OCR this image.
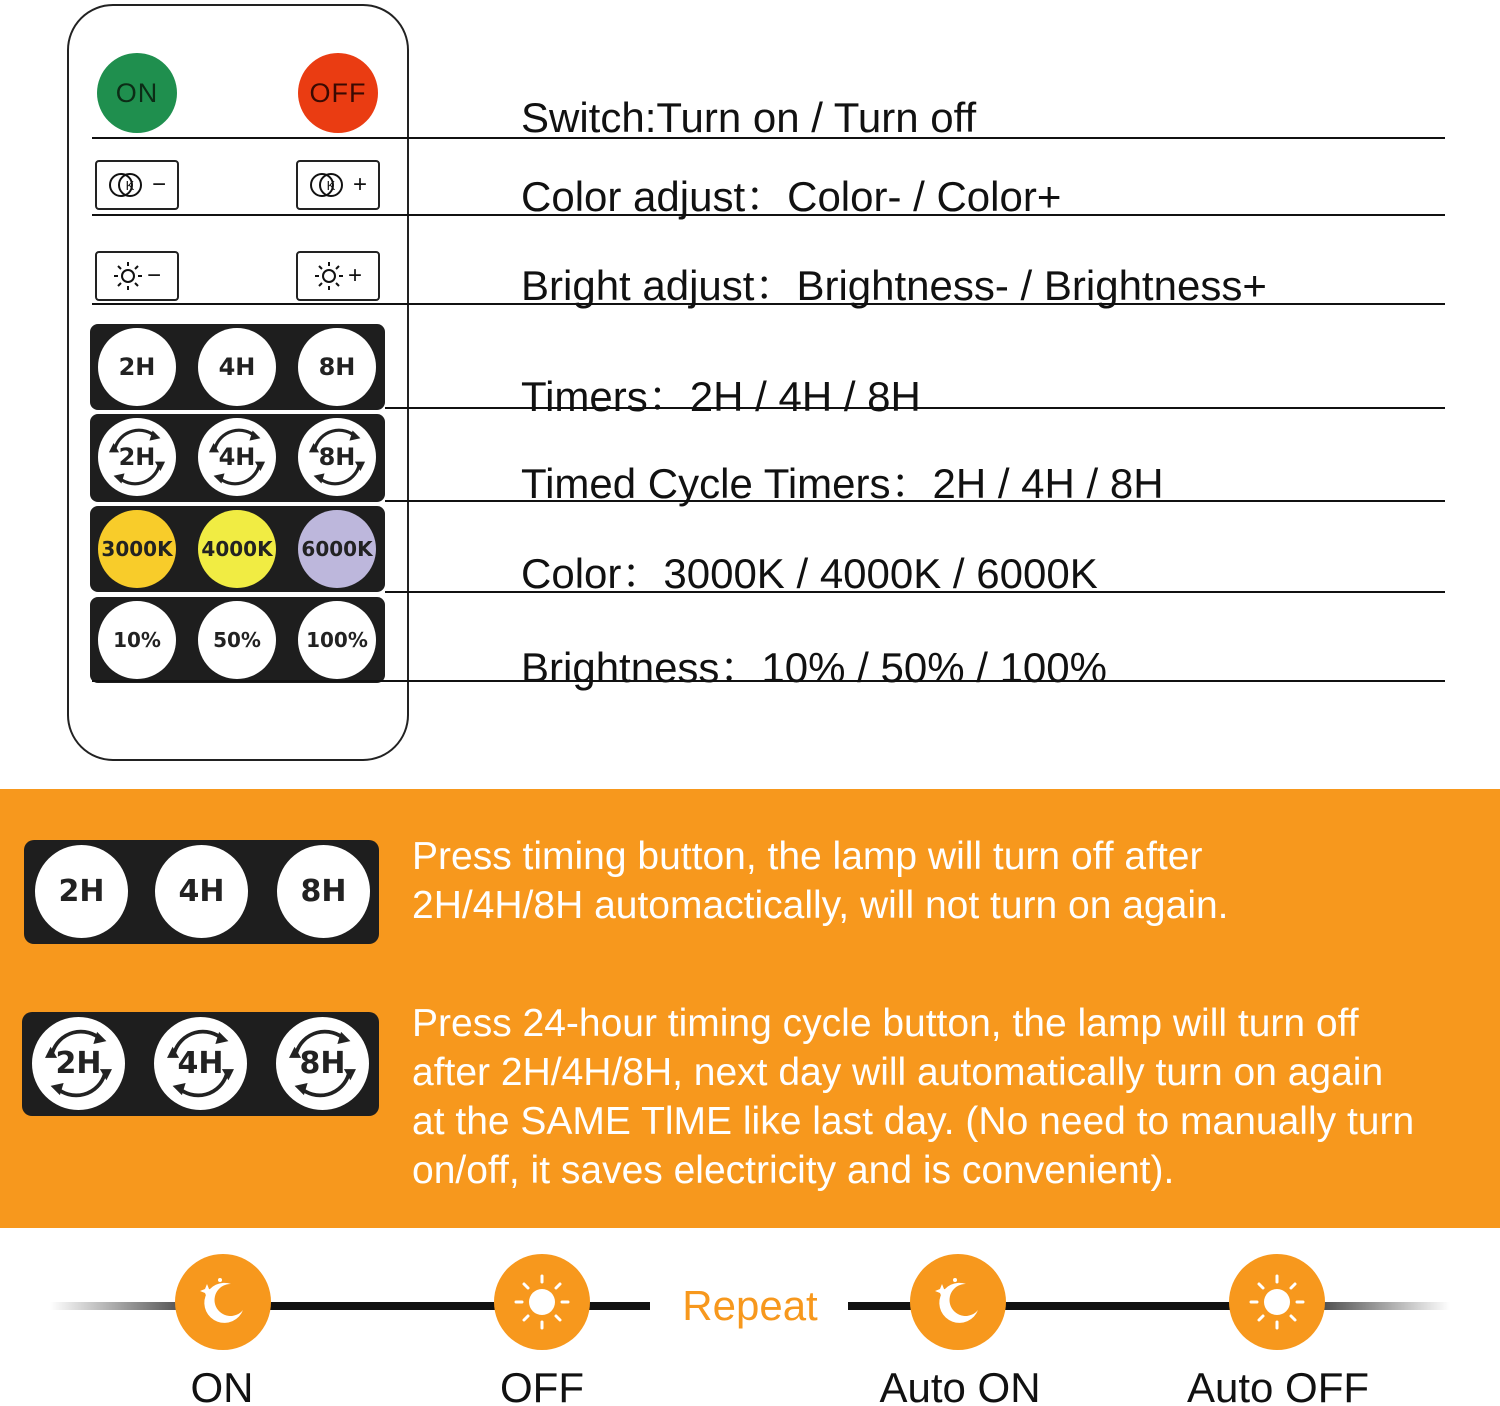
ON	OFF
K −	K +
−	+
2H	4H	8H
2H	4H	8H
3000K 4000K 6000K
10%	50% 100%
Switch:Turn on / Turn off
Color adjust：Color- / Color+
Bright adjust：Brightness- / Brightness+
Timers：2H / 4H / 8H
Timed Cycle Timers：2H / 4H / 8H
Color：3000K / 4000K / 6000K
Brightness：10% / 50% / 100%
2H 4H	8H
Press timing button, the lamp will turn off after
2H/4H/8H automactically, will not turn on again.
2H	4H	8H
Press 24-hour timing cycle button, the lamp will turn off
after 2H/4H/8H, next day will automatically turn on again
at the SAME TlME like last day. (No need to manually turn
on/off, it saves electricity and is convenient).
Repeat
ON	OFF	Auto ON	Auto OFF
